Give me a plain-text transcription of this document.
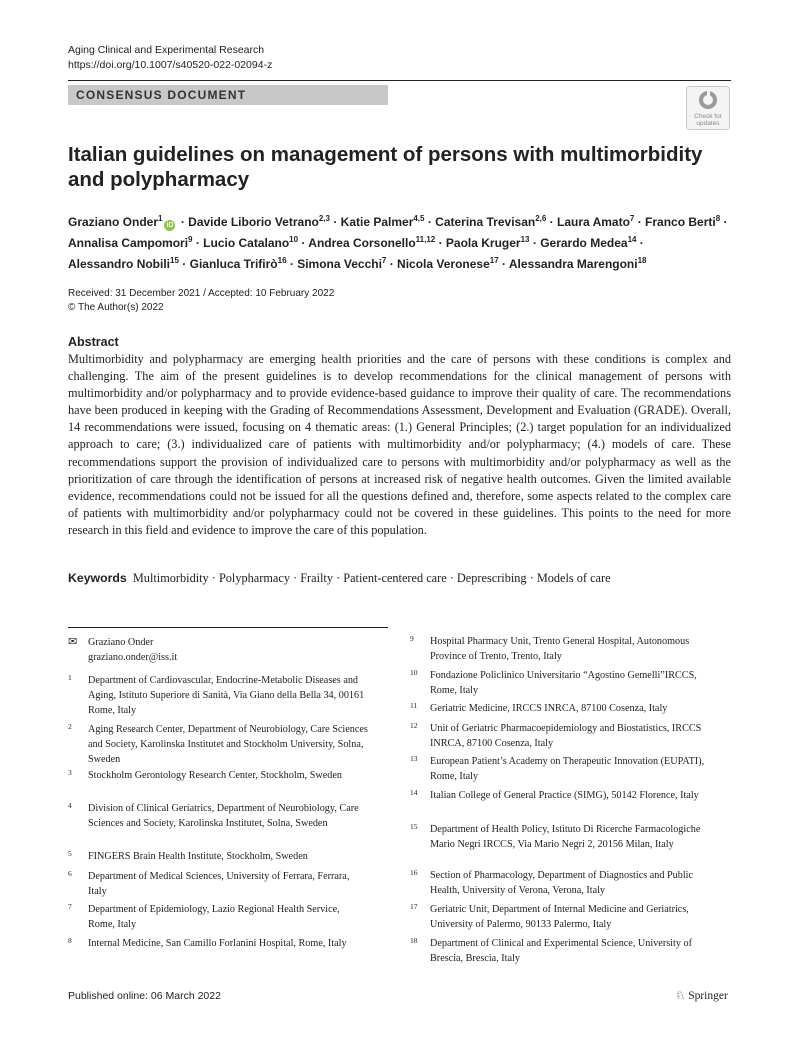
Aging Clinical and Experimental Research
https://doi.org/10.1007/s40520-022-02094-z
CONSENSUS DOCUMENT
Check for
updates
Italian guidelines on management of persons with multimorbidity and polypharmacy
Graziano Onder$^1$iD · Davide Liborio Vetrano$^{2,3}$ · Katie Palmer$^{4,5}$ · Caterina Trevisan$^{2,6}$ · Laura Amato$^7$ · Franco Berti$^8$ ·
Annalisa Campomori$^9$ · Lucio Catalano$^{10}$ · Andrea Corsonello$^{11,12}$ · Paola Kruger$^{13}$ · Gerardo Medea$^{14}$ ·
Alessandro Nobili$^{15}$ · Gianluca Trifirò$^{16}$ · Simona Vecchi$^7$ · Nicola Veronese$^{17}$ · Alessandra Marengoni$^{18}$
Received: 31 December 2021 / Accepted: 10 February 2022
© The Author(s) 2022
Abstract
Multimorbidity and polypharmacy are emerging health priorities and the care of persons with these conditions is complex and challenging. The aim of the present guidelines is to develop recommendations for the clinical management of persons with multimorbidity and/or polypharmacy and to provide evidence-based guidance to improve their quality of care. The recommendations have been produced in keeping with the Grading of Recommendations Assessment, Development and Evaluation (GRADE). Overall, 14 recommendations were issued, focusing on 4 thematic areas: (1.) General Principles; (2.) target population for an individualized approach to care; (3.) individualized care of patients with multimorbidity and/or polypharmacy; (4.) models of care. These recommendations support the provision of individualized care to persons with multimorbidity and/or polypharmacy as well as the prioritization of care through the identification of persons at increased risk of negative health outcomes. Given the limited available evidence, recommendations could not be issued for all the questions defined and, therefore, some aspects related to the complex care of patients with multimorbidity and/or polypharmacy could not be covered in these guidelines. This points to the need for more research in this field and evidence to improve the care of this population.
Keywords Multimorbidity · Polypharmacy · Frailty · Patient-centered care · Deprescribing · Models of care
✉ Graziano Onder
graziano.onder@iss.it
1 Department of Cardiovascular, Endocrine-Metabolic Diseases and Aging, Istituto Superiore di Sanità, Via Giano della Bella 34, 00161 Rome, Italy
2 Aging Research Center, Department of Neurobiology, Care Sciences and Society, Karolinska Institutet and Stockholm University, Solna, Sweden
3 Stockholm Gerontology Research Center, Stockholm, Sweden
4 Division of Clinical Geriatrics, Department of Neurobiology, Care Sciences and Society, Karolinska Institutet, Solna, Sweden
5 FINGERS Brain Health Institute, Stockholm, Sweden
6 Department of Medical Sciences, University of Ferrara, Ferrara, Italy
7 Department of Epidemiology, Lazio Regional Health Service, Rome, Italy
8 Internal Medicine, San Camillo Forlanini Hospital, Rome, Italy
9 Hospital Pharmacy Unit, Trento General Hospital, Autonomous Province of Trento, Trento, Italy
10 Fondazione Policlinico Universitario “Agostino Gemelli”IRCCS, Rome, Italy
11 Geriatric Medicine, IRCCS INRCA, 87100 Cosenza, Italy
12 Unit of Geriatric Pharmacoepidemiology and Biostatistics, IRCCS INRCA, 87100 Cosenza, Italy
13 European Patient’s Academy on Therapeutic Innovation (EUPATI), Rome, Italy
14 Italian College of General Practice (SIMG), 50142 Florence, Italy
15 Department of Health Policy, Istituto Di Ricerche Farmacologiche Mario Negri IRCCS, Via Mario Negri 2, 20156 Milan, Italy
16 Section of Pharmacology, Department of Diagnostics and Public Health, University of Verona, Verona, Italy
17 Geriatric Unit, Department of Internal Medicine and Geriatrics, University of Palermo, 90133 Palermo, Italy
18 Department of Clinical and Experimental Science, University of Brescia, Brescia, Italy
Published online: 06 March 2022	♘ Springer
